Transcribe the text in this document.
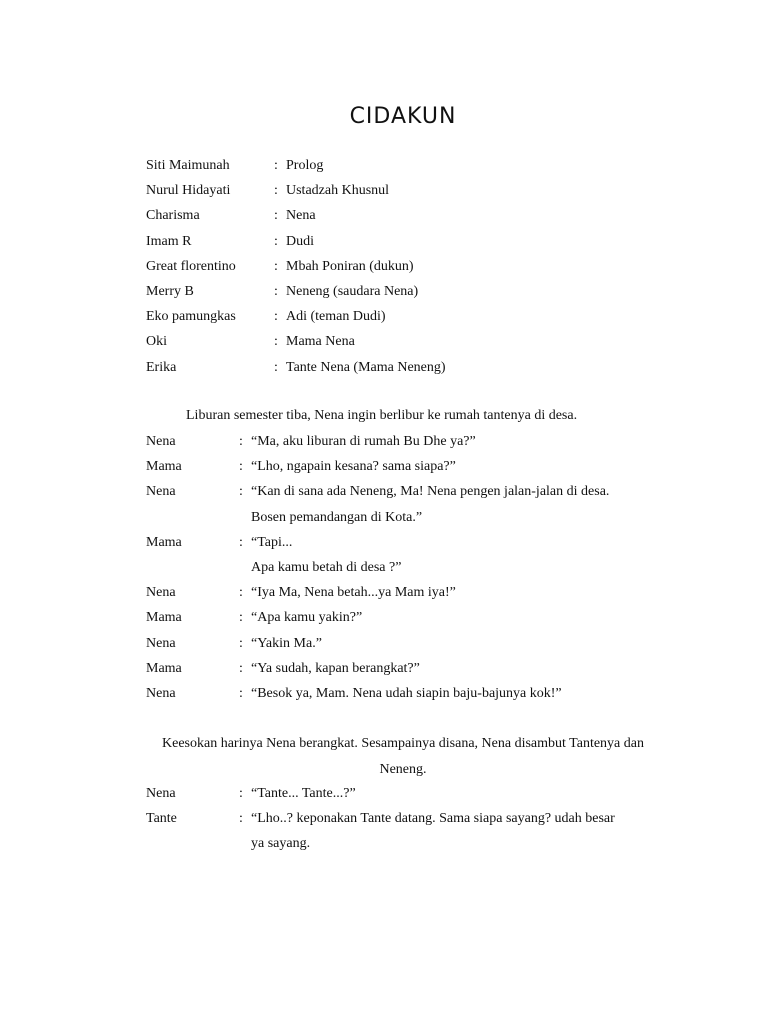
CIDAKUN
Siti Maimunah	: Prolog
Nurul Hidayati	: Ustadzah Khusnul
Charisma	: Nena
Imam R	: Dudi
Great florentino	: Mbah Poniran (dukun)
Merry B	: Neneng (saudara Nena)
Eko pamungkas	: Adi (teman Dudi)
Oki	: Mama Nena
Erika	: Tante Nena (Mama Neneng)
Liburan semester tiba, Nena ingin berlibur ke rumah tantenya di desa.
Nena	: “Ma, aku liburan di rumah Bu Dhe ya?”
Mama	: “Lho, ngapain kesana? sama siapa?”
Nena	: “Kan di sana ada Neneng, Ma! Nena pengen jalan-jalan di desa.
Bosen pemandangan di Kota.”
Mama	: “Tapi...
Apa kamu betah di desa ?”
Nena	: “Iya Ma, Nena betah...ya Mam iya!”
Mama	: “Apa kamu yakin?”
Nena	: “Yakin Ma.”
Mama	: “Ya sudah, kapan berangkat?”
Nena	: “Besok ya, Mam. Nena udah siapin baju-bajunya kok!”
Keesokan harinya Nena berangkat. Sesampainya disana, Nena disambut Tantenya dan Neneng.
Nena	: “Tante... Tante...?”
Tante	: “Lho..? keponakan Tante datang. Sama siapa sayang? udah besar
ya sayang.
